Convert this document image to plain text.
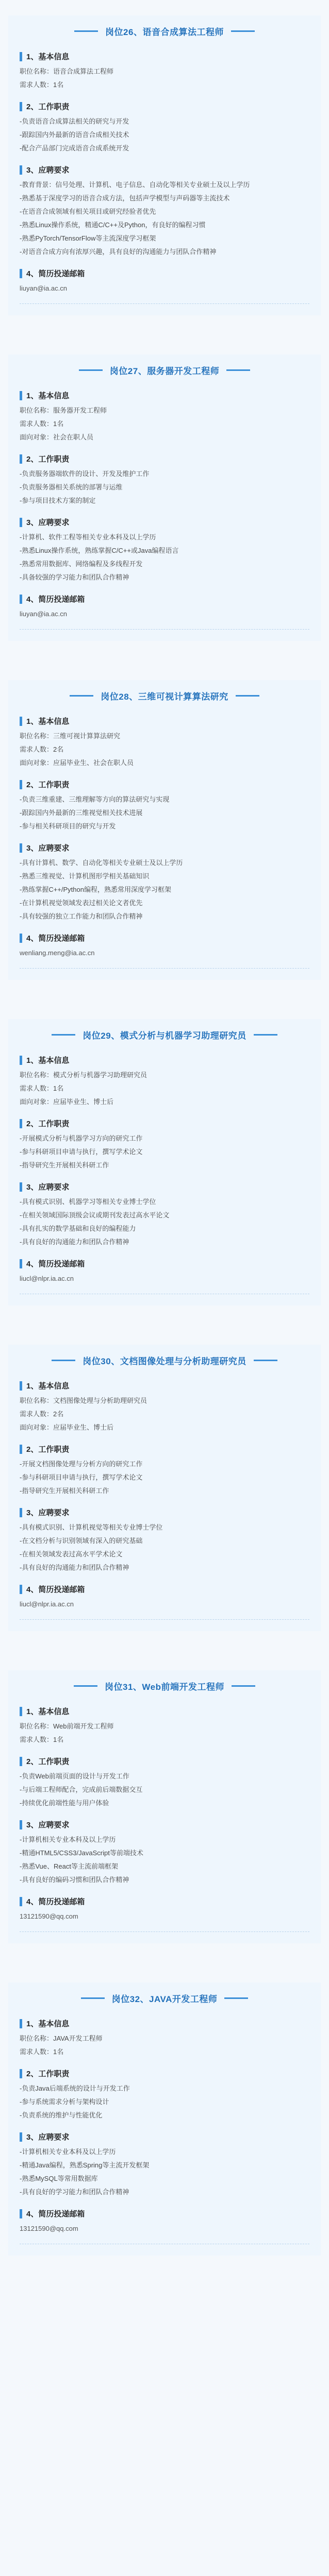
岗位26、语音合成算法工程师
1、基本信息

职位名称：语音合成算法工程师

需求人数：1名

2、工作职责

-负责语音合成算法相关的研究与开发

-跟踪国内外最新的语音合成相关技术

-配合产品部门完成语音合成系统开发

3、应聘要求

-教育背景：信号处理、计算机、电子信息、自动化等相关专业硕士及以上学历

-熟悉基于深度学习的语音合成方法，包括声学模型与声码器等主流技术

-在语音合成领域有相关项目或研究经验者优先

-熟悉Linux操作系统，精通C/C++及Python，有良好的编程习惯

-熟悉PyTorch/TensorFlow等主流深度学习框架

-对语音合成方向有浓厚兴趣，具有良好的沟通能力与团队合作精神

4、简历投递邮箱

liuyan@ia.ac.cn

岗位27、服务器开发工程师
1、基本信息

职位名称：服务器开发工程师

需求人数：1名

面向对象：社会在职人员

2、工作职责

-负责服务器端软件的设计、开发及维护工作

-负责服务器相关系统的部署与运维

-参与项目技术方案的制定

3、应聘要求

-计算机、软件工程等相关专业本科及以上学历

-熟悉Linux操作系统，熟练掌握C/C++或Java编程语言

-熟悉常用数据库、网络编程及多线程开发

-具备较强的学习能力和团队合作精神

4、简历投递邮箱

liuyan@ia.ac.cn

岗位28、三维可视计算算法研究
1、基本信息

职位名称：三维可视计算算法研究

需求人数：2名

面向对象：应届毕业生、社会在职人员

2、工作职责

-负责三维重建、三维理解等方向的算法研究与实现

-跟踪国内外最新的三维视觉相关技术进展

-参与相关科研项目的研究与开发

3、应聘要求

-具有计算机、数学、自动化等相关专业硕士及以上学历

-熟悉三维视觉、计算机图形学相关基础知识

-熟练掌握C++/Python编程，熟悉常用深度学习框架

-在计算机视觉领域发表过相关论文者优先

-具有较强的独立工作能力和团队合作精神

4、简历投递邮箱

wenliang.meng@ia.ac.cn

岗位29、模式分析与机器学习助理研究员
1、基本信息

职位名称：模式分析与机器学习助理研究员

需求人数：1名

面向对象：应届毕业生、博士后

2、工作职责

-开展模式分析与机器学习方向的研究工作

-参与科研项目申请与执行，撰写学术论文

-指导研究生开展相关科研工作

3、应聘要求

-具有模式识别、机器学习等相关专业博士学位

-在相关领域国际顶级会议或期刊发表过高水平论文

-具有扎实的数学基础和良好的编程能力

-具有良好的沟通能力和团队合作精神

4、简历投递邮箱

liucl@nlpr.ia.ac.cn

岗位30、文档图像处理与分析助理研究员
1、基本信息

职位名称：文档图像处理与分析助理研究员

需求人数：2名

面向对象：应届毕业生、博士后

2、工作职责

-开展文档图像处理与分析方向的研究工作

-参与科研项目申请与执行，撰写学术论文

-指导研究生开展相关科研工作

3、应聘要求

-具有模式识别、计算机视觉等相关专业博士学位

-在文档分析与识别领域有深入的研究基础

-在相关领域发表过高水平学术论文

-具有良好的沟通能力和团队合作精神

4、简历投递邮箱

liucl@nlpr.ia.ac.cn

岗位31、Web前端开发工程师
1、基本信息

职位名称：Web前端开发工程师

需求人数：1名

2、工作职责

-负责Web前端页面的设计与开发工作

-与后端工程师配合，完成前后端数据交互

-持续优化前端性能与用户体验

3、应聘要求

-计算机相关专业本科及以上学历

-精通HTML5/CSS3/JavaScript等前端技术

-熟悉Vue、React等主流前端框架

-具有良好的编码习惯和团队合作精神

4、简历投递邮箱

13121590@qq.com

岗位32、JAVA开发工程师
1、基本信息

职位名称：JAVA开发工程师

需求人数：1名

2、工作职责

-负责Java后端系统的设计与开发工作

-参与系统需求分析与架构设计

-负责系统的维护与性能优化

3、应聘要求

-计算机相关专业本科及以上学历

-精通Java编程，熟悉Spring等主流开发框架

-熟悉MySQL等常用数据库

-具有良好的学习能力和团队合作精神

4、简历投递邮箱

13121590@qq.com
